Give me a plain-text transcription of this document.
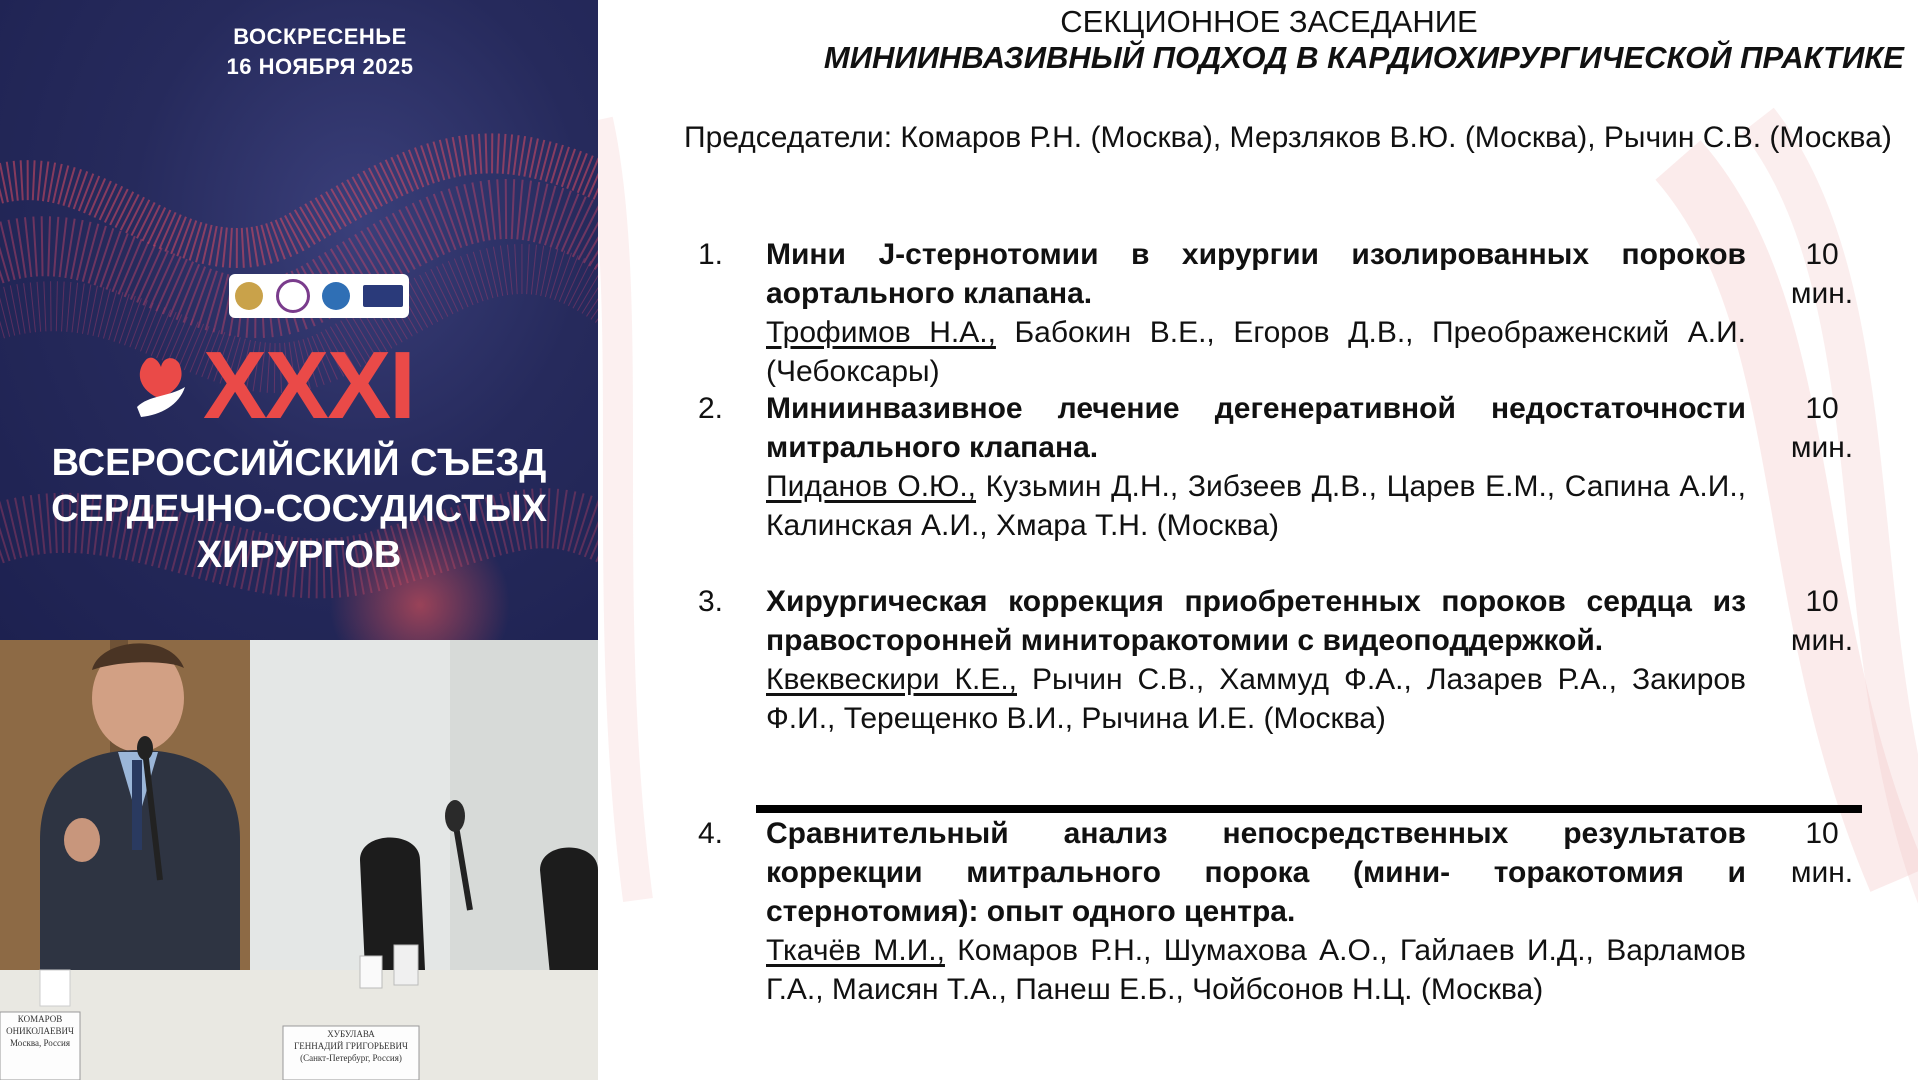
ВОСКРЕСЕНЬЕ
16 НОЯБРЯ 2025
XXXI
ВСЕРОССИЙСКИЙ СЪЕЗД
СЕРДЕЧНО-СОСУДИСТЫХ
ХИРУРГОВ
КОМАРОВ
ОНИКОЛАЕВИЧ
Москва, Россия
ХУБУЛАВА
ГЕННАДИЙ ГРИГОРЬЕВИЧ
(Санкт-Петербург, Россия)
СЕКЦИОННОЕ ЗАСЕДАНИЕ
МИНИИНВАЗИВНЫЙ ПОДХОД В КАРДИОХИРУРГИЧЕСКОЙ ПРАКТИКЕ
Председатели: Комаров Р.Н. (Москва), Мерзляков В.Ю. (Москва), Рычин С.В. (Москва)
1. Мини J-стернотомии в хирургии изолированных пороков аортального клапана.
Трофимов Н.А., Бабокин В.Е., Егоров Д.В., Преображенский А.И. (Чебоксары)
10
мин.
2. Миниинвазивное лечение дегенеративной недостаточности митрального клапана.
Пиданов О.Ю., Кузьмин Д.Н., Зибзеев Д.В., Царев Е.М., Сапина А.И., Калинская А.И., Хмара Т.Н. (Москва)
10
мин.
3. Хирургическая коррекция приобретенных пороков сердца из правосторонней миниторакотомии с видеоподдержкой.
Квеквескири К.Е., Рычин С.В., Хаммуд Ф.А., Лазарев Р.А., Закиров Ф.И., Терещенко В.И., Рычина И.Е. (Москва)
10
мин.
4. Сравнительный анализ непосредственных результатов коррекции митрального порока (мини- торакотомия и стернотомия): опыт одного центра.
Ткачёв М.И., Комаров Р.Н., Шумахова А.О., Гайлаев И.Д., Варламов Г.А., Маисян Т.А., Панеш Е.Б., Чойбсонов Н.Ц. (Москва)
10
мин.
